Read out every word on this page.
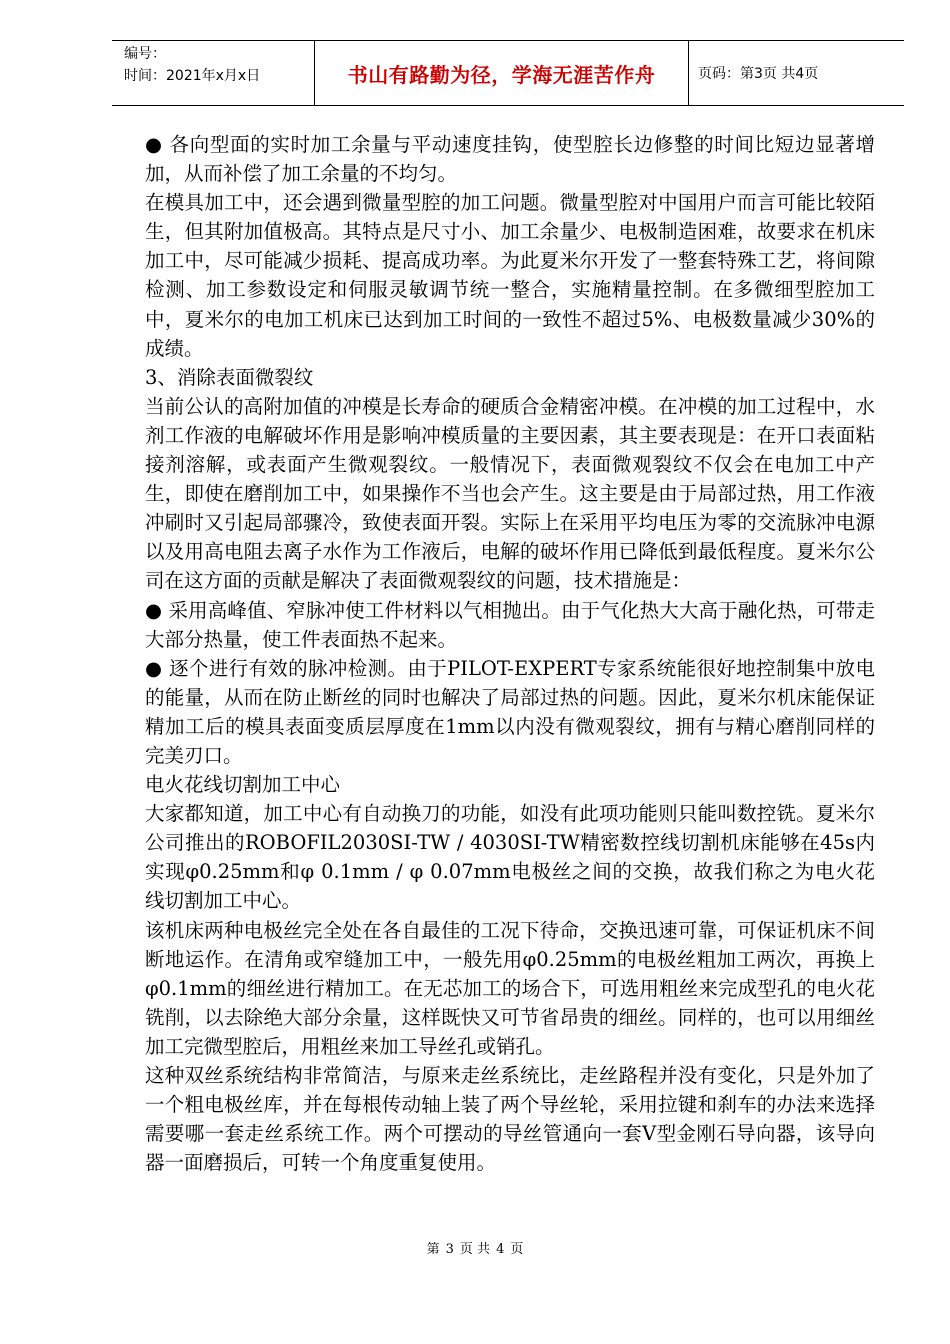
编号：
时间：2021年x月x日	书山有路勤为径，学海无涯苦作舟	页码：第3页 共4页

● 各向型面的实时加工余量与平动速度挂钩，使型腔长边修整的时间比短边显著增加，从而补偿了加工余量的不均匀。

在模具加工中，还会遇到微量型腔的加工问题。微量型腔对中国用户而言可能比较陌生，但其附加值极高。其特点是尺寸小、加工余量少、电极制造困难，故要求在机床加工中，尽可能减少损耗、提高成功率。为此夏米尔开发了一整套特殊工艺，将间隙检测、加工参数设定和伺服灵敏调节统一整合，实施精量控制。在多微细型腔加工中，夏米尔的电加工机床已达到加工时间的一致性不超过5%、电极数量减少30%的成绩。

3、消除表面微裂纹

当前公认的高附加值的冲模是长寿命的硬质合金精密冲模。在冲模的加工过程中，水剂工作液的电解破坏作用是影响冲模质量的主要因素，其主要表现是：在开口表面粘接剂溶解，或表面产生微观裂纹。一般情况下，表面微观裂纹不仅会在电加工中产生，即使在磨削加工中，如果操作不当也会产生。这主要是由于局部过热，用工作液冲刷时又引起局部骤冷，致使表面开裂。实际上在采用平均电压为零的交流脉冲电源以及用高电阻去离子水作为工作液后，电解的破坏作用已降低到最低程度。夏米尔公司在这方面的贡献是解决了表面微观裂纹的问题，技术措施是：

● 采用高峰值、窄脉冲使工件材料以气相抛出。由于气化热大大高于融化热，可带走大部分热量，使工件表面热不起来。

● 逐个进行有效的脉冲检测。由于PILOT-EXPERT专家系统能很好地控制集中放电的能量，从而在防止断丝的同时也解决了局部过热的问题。因此，夏米尔机床能保证精加工后的模具表面变质层厚度在1mm以内没有微观裂纹，拥有与精心磨削同样的完美刃口。

电火花线切割加工中心

大家都知道，加工中心有自动换刀的功能，如没有此项功能则只能叫数控铣。夏米尔公司推出的ROBOFIL2030SI-TW / 4030SI-TW精密数控线切割机床能够在45s内实现φ0.25mm和φ 0.1mm / φ 0.07mm电极丝之间的交换，故我们称之为电火花线切割加工中心。

该机床两种电极丝完全处在各自最佳的工况下待命，交换迅速可靠，可保证机床不间断地运作。在清角或窄缝加工中，一般先用φ0.25mm的电极丝粗加工两次，再换上φ0.1mm的细丝进行精加工。在无芯加工的场合下，可选用粗丝来完成型孔的电火花铣削，以去除绝大部分余量，这样既快又可节省昂贵的细丝。同样的，也可以用细丝加工完微型腔后，用粗丝来加工导丝孔或销孔。

这种双丝系统结构非常简洁，与原来走丝系统比，走丝路程并没有变化，只是外加了一个粗电极丝库，并在每根传动轴上装了两个导丝轮，采用拉键和刹车的办法来选择需要哪一套走丝系统工作。两个可摆动的导丝管通向一套V型金刚石导向器，该导向器一面磨损后，可转一个角度重复使用。

第 3 页 共 4 页
